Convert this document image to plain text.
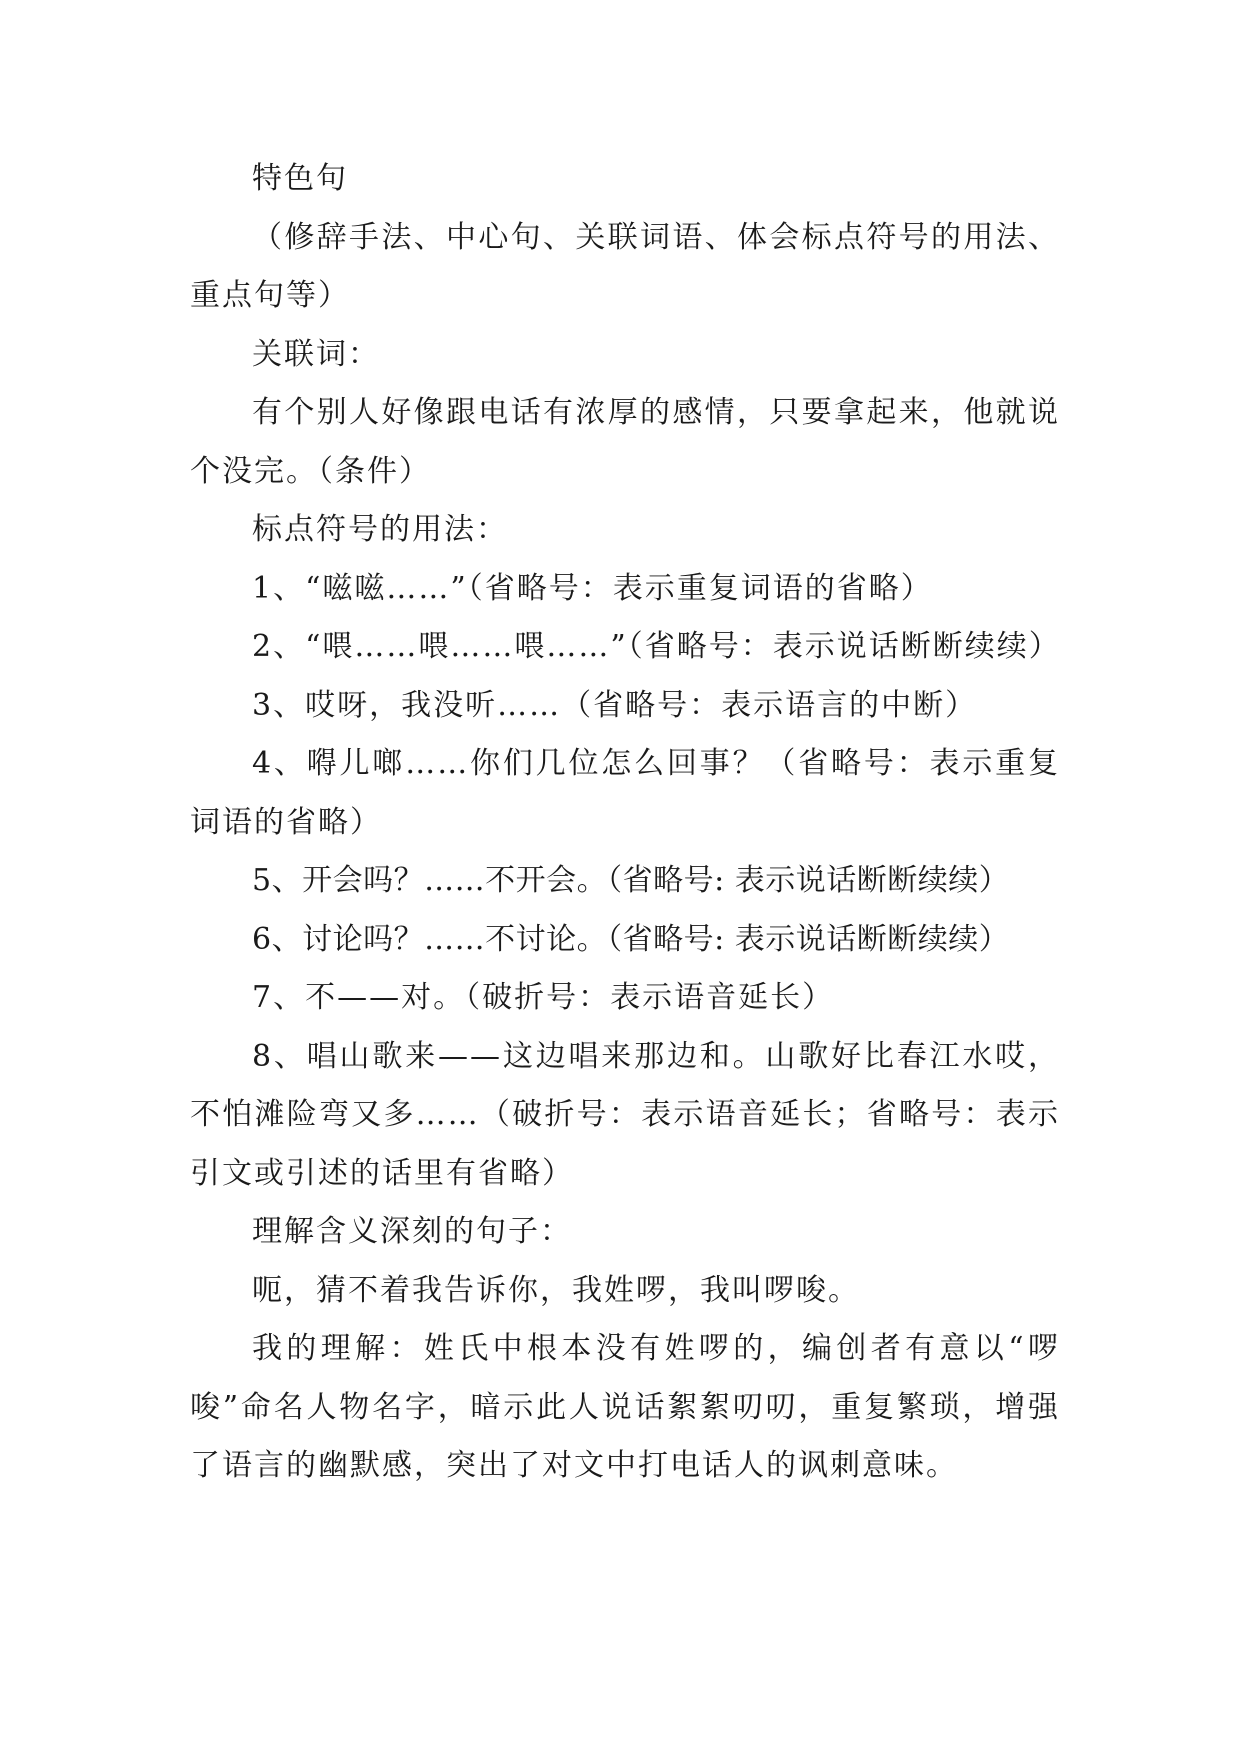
特色句

（修辞手法、中心句、关联词语、体会标点符号的用法、重点句等）

关联词：

有个别人好像跟电话有浓厚的感情，只要拿起来，他就说个没完。（条件）

标点符号的用法：

1、“嗞嗞……”（省略号：表示重复词语的省略）

2、“喂……喂……喂……”（省略号：表示说话断断续续）

3、哎呀，我没听……（省略号：表示语言的中断）

4、嘚儿啷……你们几位怎么回事？（省略号：表示重复词语的省略）

5、开会吗？……不开会。（省略号: 表示说话断断续续）

6、讨论吗？……不讨论。（省略号: 表示说话断断续续）

7、不——对。（破折号：表示语音延长）

8、唱山歌来——这边唱来那边和。山歌好比春江水哎，不怕滩险弯又多……（破折号：表示语音延长；省略号：表示引文或引述的话里有省略）

理解含义深刻的句子：

呃，猜不着我告诉你，我姓啰，我叫啰唆。

我的理解：姓氏中根本没有姓啰的，编创者有意以“啰唆”命名人物名字，暗示此人说话絮絮叨叨，重复繁琐，增强了语言的幽默感，突出了对文中打电话人的讽刺意味。
